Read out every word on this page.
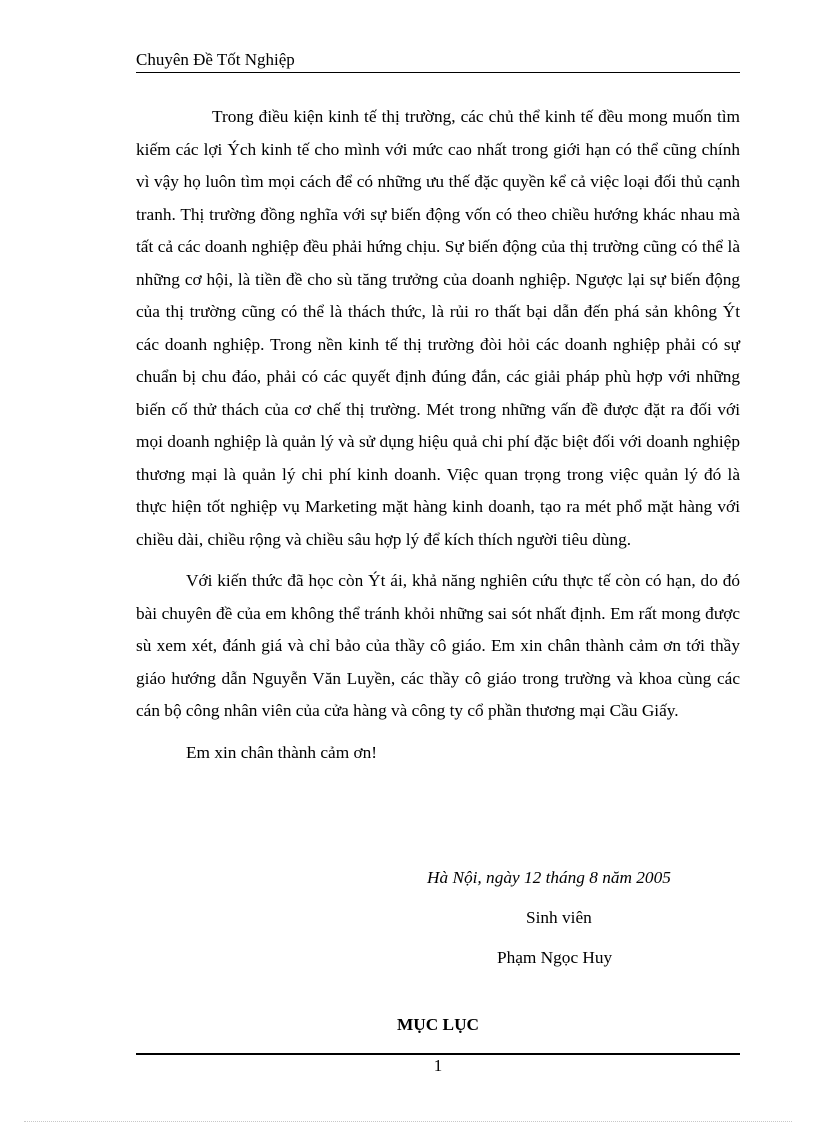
Chuyên Đề Tốt Nghiệp

Trong điều kiện kinh tế thị trường, các chủ thể kinh tế đều mong muốn tìm kiếm các lợi Ých kinh tế cho mình với mức cao nhất trong giới hạn có thể cũng chính vì vậy họ luôn tìm mọi cách để có những ưu thế đặc quyền kể cả việc loại đối thủ cạnh tranh. Thị trường đồng nghĩa với sự biến động vốn có theo chiều hướng khác nhau mà tất cả các doanh nghiệp đều phải hứng chịu. Sự biến động của thị trường cũng có thể là những cơ hội, là tiền đề cho sù tăng trưởng của doanh nghiệp. Ngược lại sự biến động của thị trường cũng có thể là thách thức, là rủi ro thất bại dẫn đến phá sản không Ýt các doanh nghiệp. Trong nền kinh tế thị trường đòi hỏi các doanh nghiệp phải có sự chuẩn bị chu đáo, phải có các quyết định đúng đắn, các giải pháp phù hợp với những biến cố thử thách của cơ chế thị trường. Mét trong những vấn đề được đặt ra đối với mọi doanh nghiệp là quản lý và sử dụng hiệu quả chi phí đặc biệt đối với doanh nghiệp thương mại là quản lý chi phí kinh doanh. Việc quan trọng trong việc quản lý đó là thực hiện tốt nghiệp vụ Marketing mặt hàng kinh doanh, tạo ra mét phổ mặt hàng với chiều dài, chiều rộng và chiều sâu hợp lý để kích thích người tiêu dùng.

Với kiến thức đã học còn Ýt ái, khả năng nghiên cứu thực tế còn có hạn, do đó bài chuyên đề của em không thể tránh khỏi những sai sót nhất định. Em rất mong được sù xem xét, đánh giá và chỉ bảo của thầy cô giáo. Em xin chân thành cảm ơn tới thầy giáo hướng dẫn Nguyễn Văn Luyền, các thầy cô giáo trong trường và khoa cùng các cán bộ công nhân viên của cửa hàng và công ty cổ phần thương mại Cầu Giấy.

Em xin chân thành cảm ơn!

Hà Nội, ngày 12 tháng 8 năm 2005
Sinh viên
Phạm Ngọc Huy
MỤC LỤC
1
